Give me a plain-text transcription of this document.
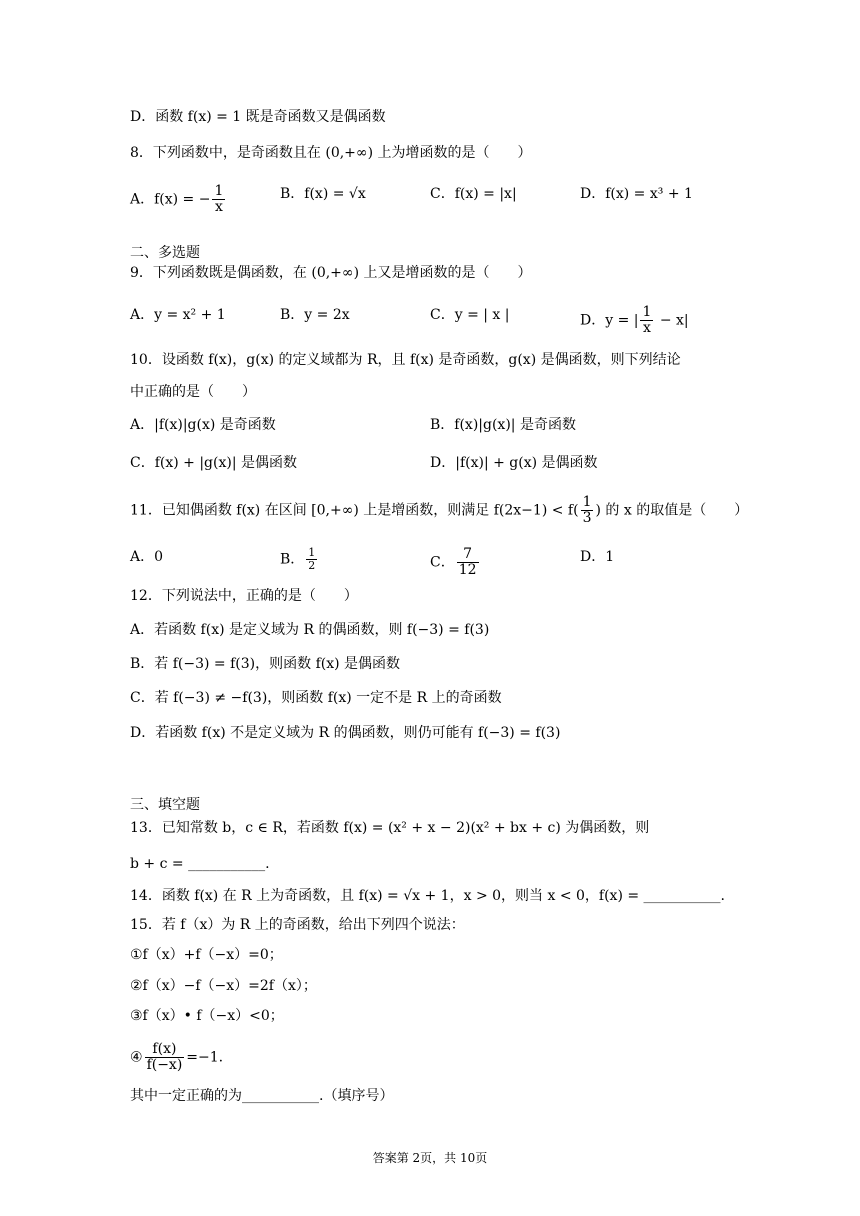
D．函数 f(x) = 1 既是奇函数又是偶函数
8．下列函数中，是奇函数且在 (0,+∞) 上为增函数的是（　　）
A．f(x) = − $\frac{1}{x}$	B．f(x) = √x	C．f(x) = |x|	D．f(x) = x³ + 1
二、多选题
9．下列函数既是偶函数，在 (0,+∞) 上又是增函数的是（　　）
A．y = x² + 1	B．y = 2x	C．y = | x |	D．y = | $\frac{1}{x} - x|$
10．设函数 f(x)，g(x) 的定义域都为 R，且 f(x) 是奇函数，g(x) 是偶函数，则下列结论
中正确的是（　　）
A．|f(x)|g(x) 是奇函数	B．f(x)|g(x)| 是奇函数
C．f(x) + |g(x)| 是偶函数	D．|f(x)| + g(x) 是偶函数
11．已知偶函数 f(x) 在区间 [0,+∞) 上是增函数，则满足 $f(2x-1) < f( \frac{1}{3}$ ) 的 x 的取值是（　　）
A．0	B． $\frac{1}{2}$	C． $\frac{7}{12}$	D．1
12．下列说法中，正确的是（　　）
A．若函数 f(x) 是定义域为 R 的偶函数，则 f(−3) = f(3)
B．若 f(−3) = f(3)，则函数 f(x) 是偶函数
C．若 f(−3) ≠ −f(3)，则函数 f(x) 一定不是 R 上的奇函数
D．若函数 f(x) 不是定义域为 R 的偶函数，则仍可能有 f(−3) = f(3)
三、填空题
13．已知常数 b，c ∈ R，若函数 f(x) = (x² + x − 2)(x² + bx + c) 为偶函数，则
b + c = ___________.
14．函数 f(x) 在 R 上为奇函数，且 f(x) = √x + 1，x > 0，则当 x < 0，f(x) = ___________.
15．若 f（x）为 R 上的奇函数，给出下列四个说法：
①f（x）+f（−x）=0；
②f（x）−f（−x）=2f（x）；
③f（x）• f（−x）<0；
④ $\frac{f(x)}{f(-x)} =-1$.
其中一定正确的为___________.（填序号）
答案第 2页，共 10页
